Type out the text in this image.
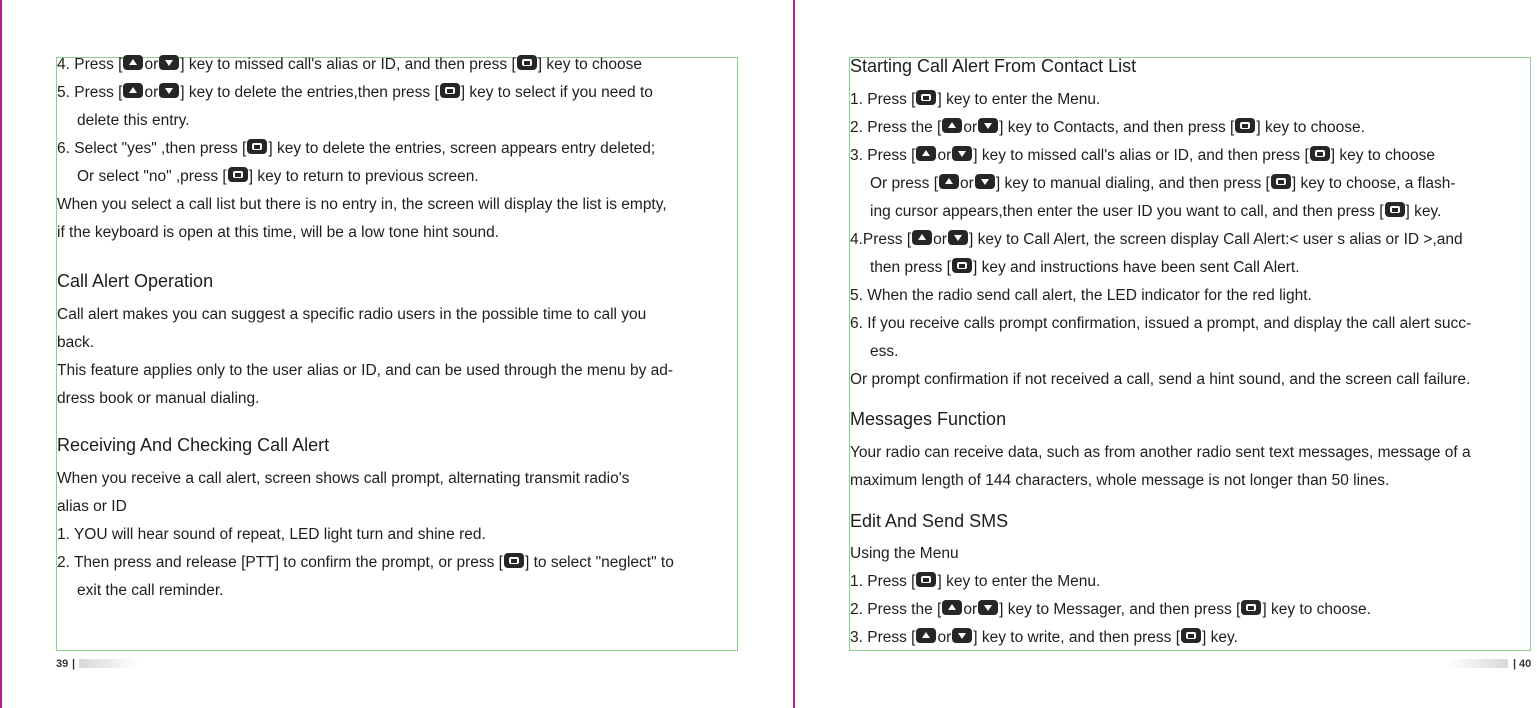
4. Press [ or ] key to missed call's alias or ID, and then press [ ] key to choose
5. Press [ or ] key to delete the entries,then press [ ] key to select if you need to
delete this entry.
6. Select "yes" ,then press [ ] key to delete the entries, screen appears entry deleted;
Or select "no" ,press [ ] key to return to previous screen.
When you select a call list but there is no entry in, the screen will display the list is empty,
if the keyboard is open at this time, will be a low tone hint sound.
Call Alert Operation
Call alert makes you can suggest a specific radio users in the possible time to call you
back.
This feature applies only to the user alias or ID, and can be used through the menu by ad-
dress book or manual dialing.
Receiving And Checking Call Alert
When you receive a call alert, screen shows call prompt, alternating transmit radio's
alias or ID
1. YOU will hear sound of repeat, LED light turn and shine red.
2. Then press and release [PTT] to confirm the prompt, or press [ ] to select "neglect" to
exit the call reminder.
Starting Call Alert From Contact List
1. Press [ ] key to enter the Menu.
2. Press the [ or ] key to Contacts, and then press [ ] key to choose.
3. Press [ or ] key to missed call's alias or ID, and then press [ ] key to choose
Or press [ or ] key to manual dialing, and then press [ ] key to choose, a flash-
ing cursor appears,then enter the user ID you want to call, and then press [ ] key.
4.Press [ or ] key to Call Alert, the screen display Call Alert:< user s alias or ID >,and
then press [ ] key and instructions have been sent Call Alert.
5. When the radio send call alert, the LED indicator for the red light.
6. If you receive calls prompt confirmation, issued a prompt, and display the call alert succ-
ess.
Or prompt confirmation if not received a call, send a hint sound, and the screen call failure.
Messages Function
Your radio can receive data, such as from another radio sent text messages, message of a
maximum length of 144 characters, whole message is not longer than 50 lines.
Edit And Send SMS
Using the Menu
1. Press [ ] key to enter the Menu.
2. Press the [ or ] key to Messager, and then press [ ] key to choose.
3. Press [ or ] key to write, and then press [ ] key.
39 |	| 40
